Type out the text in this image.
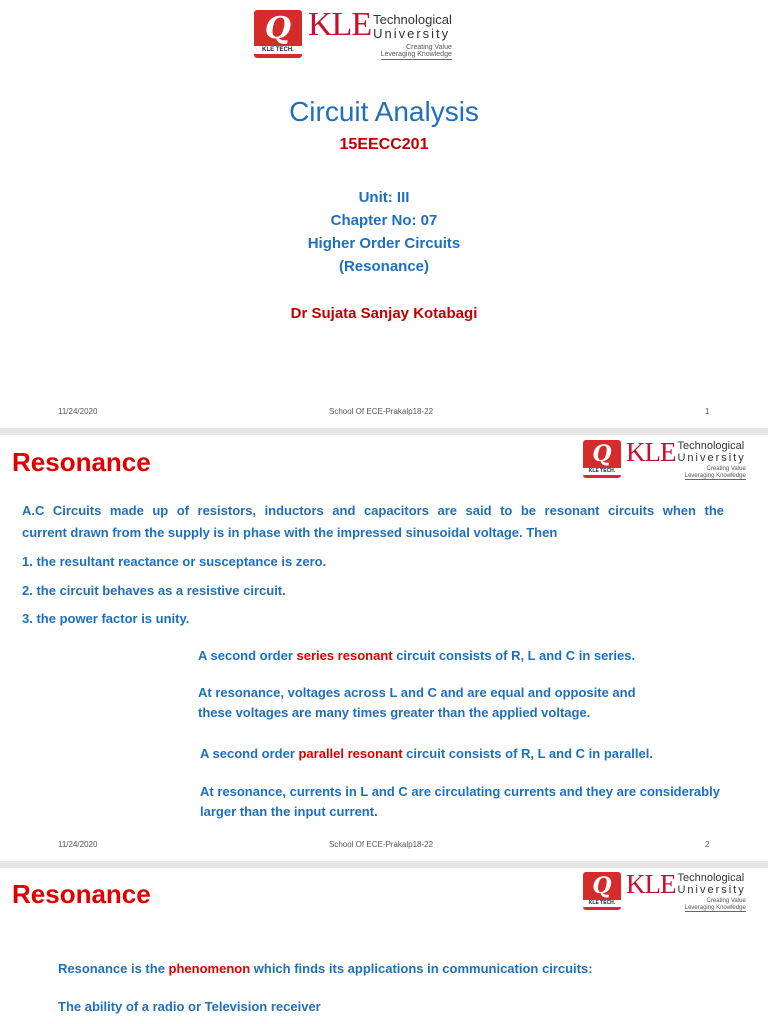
Q
KLE TECH.
KLE Technological
University
Creating Value
Leveraging Knowledge
Circuit Analysis
15EECC201
Unit: III
Chapter No: 07
Higher Order Circuits
(Resonance)
Dr Sujata Sanjay Kotabagi
11/24/2020	School Of ECE-Prakalp18-22	1
Resonance	Q
KLE TECH.
KLE Technological
University
Creating Value
Leveraging Knowledge
A.C Circuits made up of resistors, inductors and capacitors are said to be resonant circuits when the
current drawn from the supply is in phase with the impressed sinusoidal voltage. Then
1. the resultant reactance or susceptance is zero.
2. the circuit behaves as a resistive circuit.
3. the power factor is unity.
A second order series resonant circuit consists of R, L and C in series.
At resonance, voltages across L and C and are equal and opposite and
these voltages are many times greater than the applied voltage.
A second order parallel resonant circuit consists of R, L and C in parallel.
At resonance, currents in L and C are circulating currents and they are considerably
larger than the input current.
11/24/2020	School Of ECE-Prakalp18-22	2
Resonance	Q
KLE TECH.
KLE Technological
University
Creating Value
Leveraging Knowledge
Resonance is the phenomenon which finds its applications in communication circuits:
The ability of a radio or Television receiver
